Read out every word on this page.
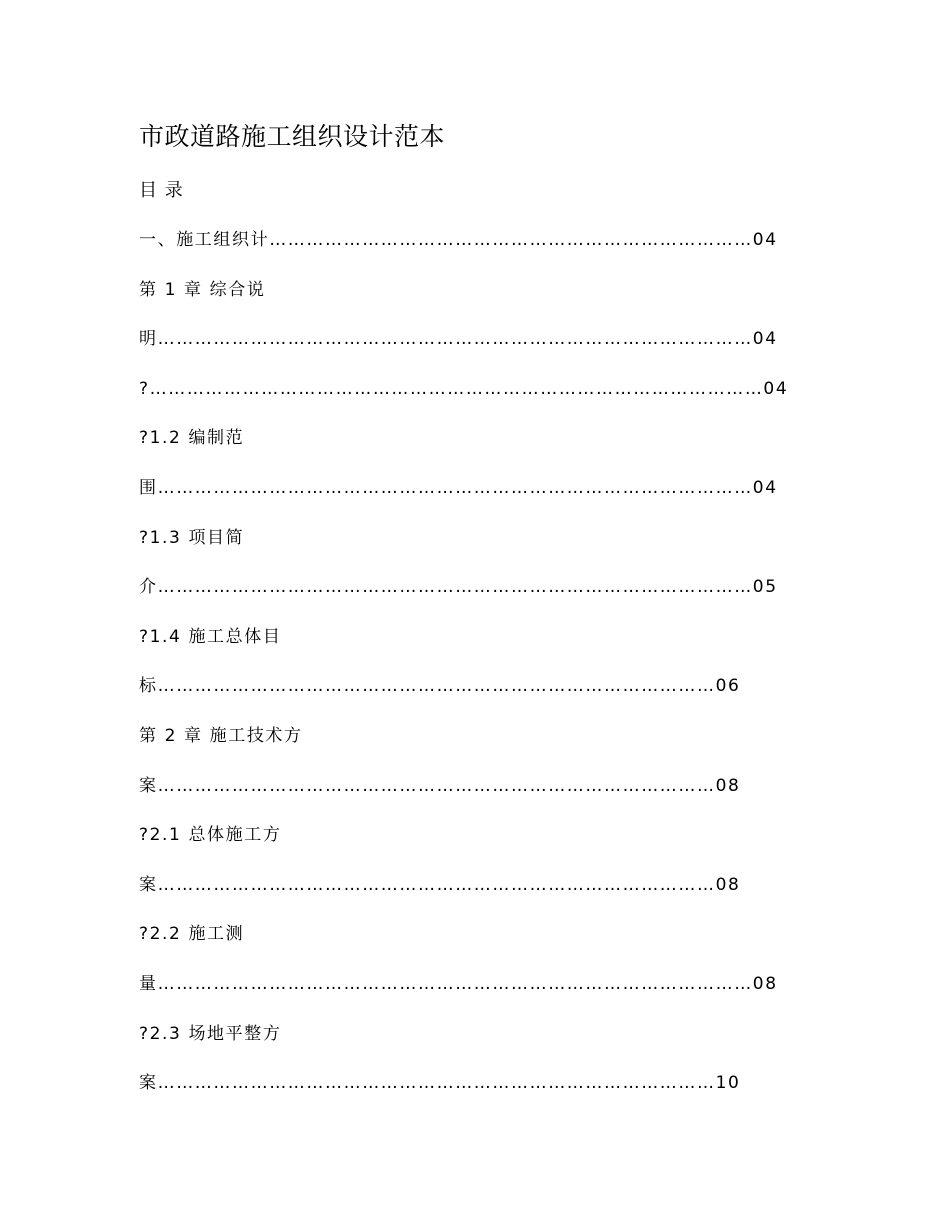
市政道路施工组织设计范本
目 录
一、施工组织计……………………………………………………………………04
第 1 章 综合说
明……………………………………………………………………………………04
?………………………………………………………………………………………04
?1.2 编制范
围……………………………………………………………………………………04
?1.3 项目简
介……………………………………………………………………………………05
?1.4 施工总体目
标………………………………………………………………………………06
第 2 章 施工技术方
案………………………………………………………………………………08
?2.1 总体施工方
案………………………………………………………………………………08
?2.2 施工测
量……………………………………………………………………………………08
?2.3 场地平整方
案………………………………………………………………………………10
